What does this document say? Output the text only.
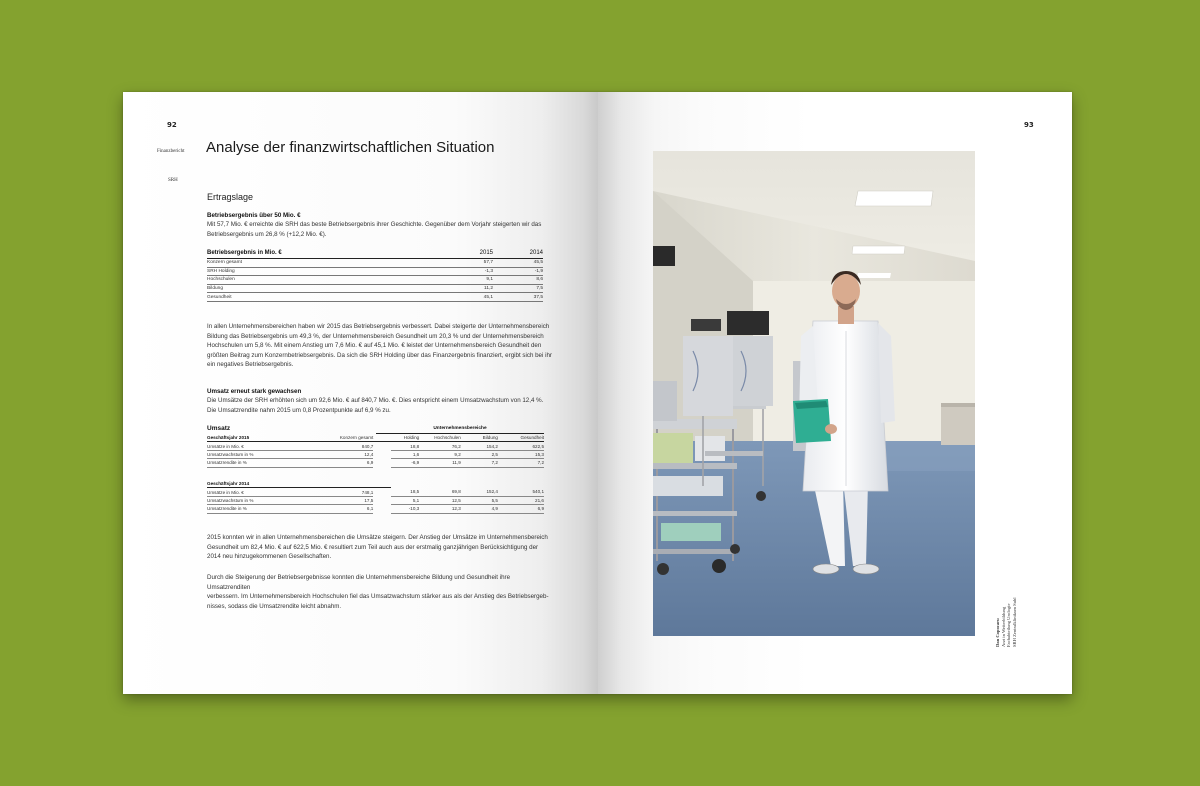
92
Finanzbericht
SRH
Analyse der finanzwirtschaftlichen Situation
Ertragslage
Betriebsergebnis über 50 Mio. €
Mit 57,7 Mio. € erreichte die SRH das beste Betriebsergebnis ihrer Geschichte. Gegenüber dem Vorjahr steigerten wir das
Betriebsergebnis um 26,8 % (+12,2 Mio. €).
Betriebsergebnis in Mio. €	2015	2014
Konzern gesamt	57,7	45,5
SRH Holding	-1,3	-1,9
Hochschulen	9,1	8,6
Bildung	11,2	7,5
Gesundheit	45,1	37,5
In allen Unternehmensbereichen haben wir 2015 das Betriebsergebnis verbessert. Dabei steigerte der Unternehmensbereich
Bildung das Betriebsergebnis um 49,3 %, der Unternehmensbereich Gesundheit um 20,3 % und der Unternehmensbereich
Hochschulen um 5,8 %. Mit einem Anstieg um 7,6 Mio. € auf 45,1 Mio. € leistet der Unternehmensbereich Gesundheit den
größten Beitrag zum Konzernbetriebsergebnis. Da sich die SRH Holding über das Finanzergebnis finanziert, ergibt sich bei ihr
ein negatives Betriebsergebnis.
Umsatz erneut stark gewachsen
Die Umsätze der SRH erhöhten sich um 92,6 Mio. € auf 840,7 Mio. €. Dies entspricht einem Umsatzwachstum von 12,4 %.
Die Umsatzrendite nahm 2015 um 0,8 Prozentpunkte auf 6,9 % zu.
Umsatz	Unternehmensbereiche
Geschäftsjahr 2015	Konzern gesamt		Holding	Hochschulen	Bildung	Gesundheit
Umsätze in Mio. €	840,7		18,8	76,2	154,2	622,5
Umsatzwachstum in %	12,4		1,6	9,2	2,5	15,3
Umsatzrendite in %	6,9		-6,9	11,9	7,2	7,2
Geschäftsjahr 2014						
Umsätze in Mio. €	748,1		18,5	69,8	152,4	540,1
Umsatzwachstum in %	17,5		5,1	12,5	5,5	21,6
Umsatzrendite in %	6,1		-10,3	12,3	4,9	6,9
2015 konnten wir in allen Unternehmensbereichen die Umsätze steigern. Der Anstieg der Umsätze im Unternehmensbereich
Gesundheit um 82,4 Mio. € auf 622,5 Mio. € resultiert zum Teil auch aus der erstmalig ganzjährigen Berücksichtigung der
2014 neu hinzugekommenen Gesellschaften.
Durch die Steigerung der Betriebsergebnisse konnten die Unternehmensbereiche Bildung und Gesundheit ihre Umsatzrenditen
verbessern. Im Unternehmensbereich Hochschulen fiel das Umsatzwachstum stärker aus als der Anstieg des Betriebsergeb-
nisses, sodass die Umsatzrendite leicht abnahm.
93
Dan Copocaru Arzt in Weiterbildung Fachabteilung Urologie SRH Zentralklinikum Suhl
